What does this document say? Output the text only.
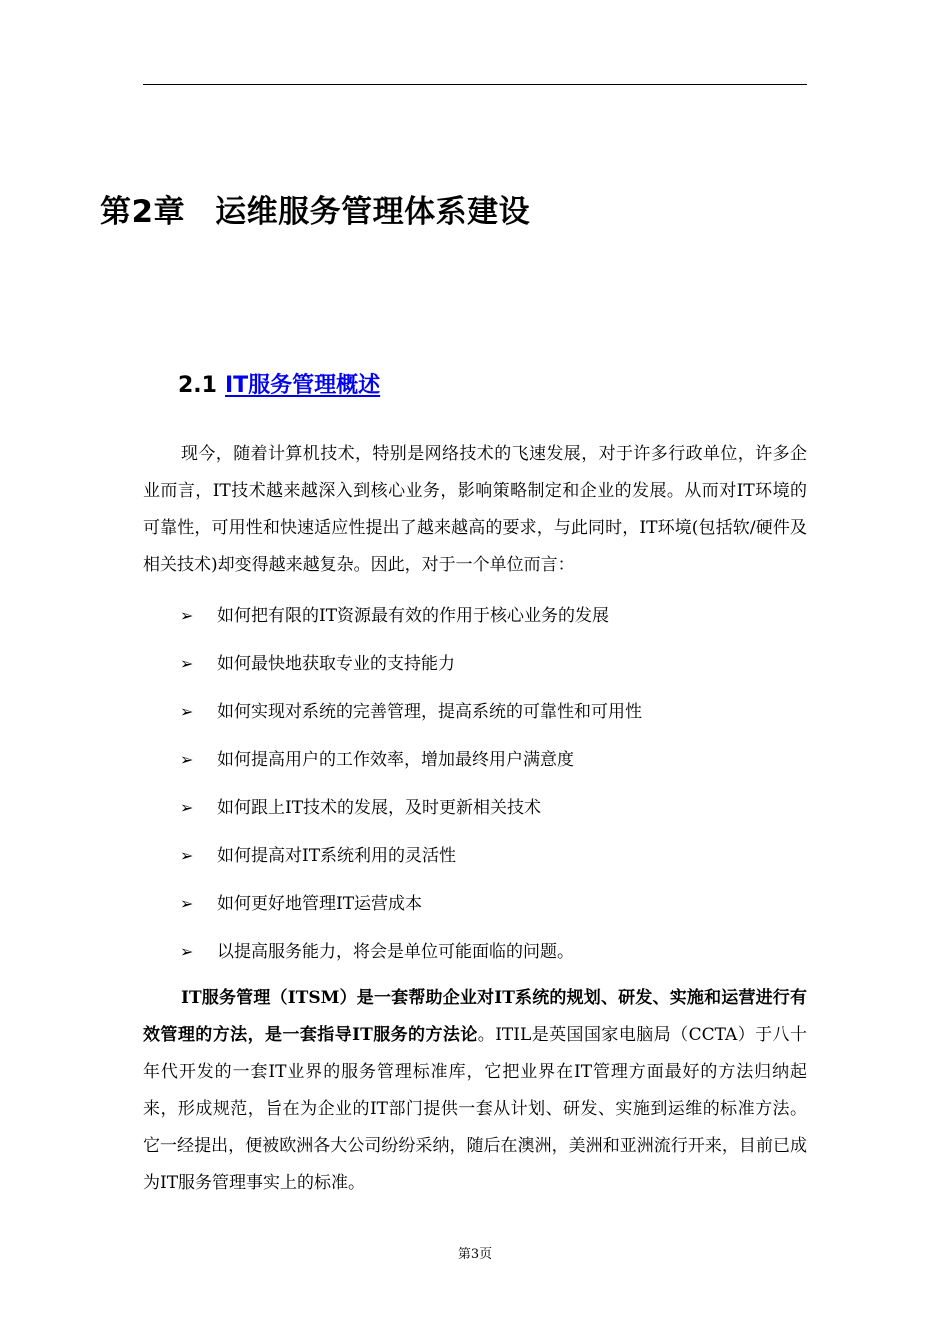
第2章 运维服务管理体系建设
2.1 IT服务管理概述

现今，随着计算机技术，特别是网络技术的飞速发展，对于许多行政单位，许多企业而言，IT技术越来越深入到核心业务，影响策略制定和企业的发展。从而对IT环境的可靠性，可用性和快速适应性提出了越来越高的要求，与此同时，IT环境(包括软/硬件及相关技术)却变得越来越复杂。因此，对于一个单位而言：

➢ 如何把有限的IT资源最有效的作用于核心业务的发展
➢ 如何最快地获取专业的支持能力
➢ 如何实现对系统的完善管理，提高系统的可靠性和可用性
➢ 如何提高用户的工作效率，增加最终用户满意度
➢ 如何跟上IT技术的发展，及时更新相关技术
➢ 如何提高对IT系统利用的灵活性
➢ 如何更好地管理IT运营成本
➢ 以提高服务能力，将会是单位可能面临的问题。

IT服务管理（ITSM）是一套帮助企业对IT系统的规划、研发、实施和运营进行有效管理的方法，是一套指导IT服务的方法论。ITIL是英国国家电脑局（CCTA）于八十年代开发的一套IT业界的服务管理标准库，它把业界在IT管理方面最好的方法归纳起来，形成规范，旨在为企业的IT部门提供一套从计划、研发、实施到运维的标准方法。它一经提出，便被欧洲各大公司纷纷采纳，随后在澳洲，美洲和亚洲流行开来，目前已成为IT服务管理事实上的标准。

第3页
